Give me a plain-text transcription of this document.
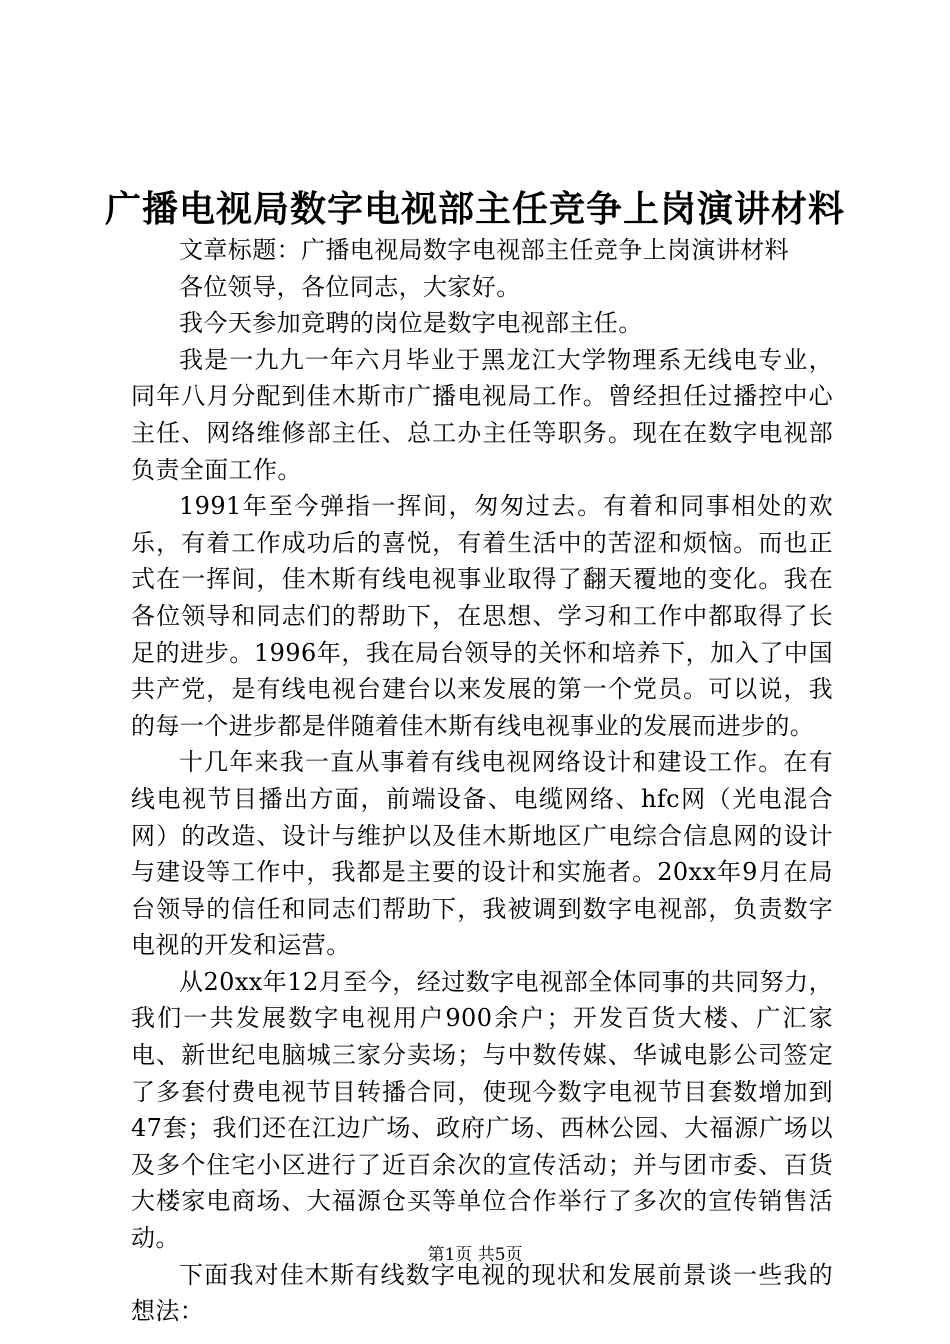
广播电视局数字电视部主任竞争上岗演讲材料

文章标题：广播电视局数字电视部主任竞争上岗演讲材料

各位领导，各位同志，大家好。

我今天参加竞聘的岗位是数字电视部主任。

我是一九九一年六月毕业于黑龙江大学物理系无线电专业，同年八月分配到佳木斯市广播电视局工作。曾经担任过播控中心主任、网络维修部主任、总工办主任等职务。现在在数字电视部负责全面工作。

1991年至今弹指一挥间，匆匆过去。有着和同事相处的欢乐，有着工作成功后的喜悦，有着生活中的苦涩和烦恼。而也正式在一挥间，佳木斯有线电视事业取得了翻天覆地的变化。我在各位领导和同志们的帮助下，在思想、学习和工作中都取得了长足的进步。1996年，我在局台领导的关怀和培养下，加入了中国共产党，是有线电视台建台以来发展的第一个党员。可以说，我的每一个进步都是伴随着佳木斯有线电视事业的发展而进步的。

十几年来我一直从事着有线电视网络设计和建设工作。在有线电视节目播出方面，前端设备、电缆网络、hfc网（光电混合网）的改造、设计与维护以及佳木斯地区广电综合信息网的设计与建设等工作中，我都是主要的设计和实施者。20xx年9月在局台领导的信任和同志们帮助下，我被调到数字电视部，负责数字电视的开发和运营。

从20xx年12月至今，经过数字电视部全体同事的共同努力，我们一共发展数字电视用户900余户；开发百货大楼、广汇家电、新世纪电脑城三家分卖场；与中数传媒、华诚电影公司签定了多套付费电视节目转播合同，使现今数字电视节目套数增加到47套；我们还在江边广场、政府广场、西林公园、大福源广场以及多个住宅小区进行了近百余次的宣传活动；并与团市委、百货大楼家电商场、大福源仓买等单位合作举行了多次的宣传销售活动。

下面我对佳木斯有线数字电视的现状和发展前景谈一些我的想法：

第1页 共5页
